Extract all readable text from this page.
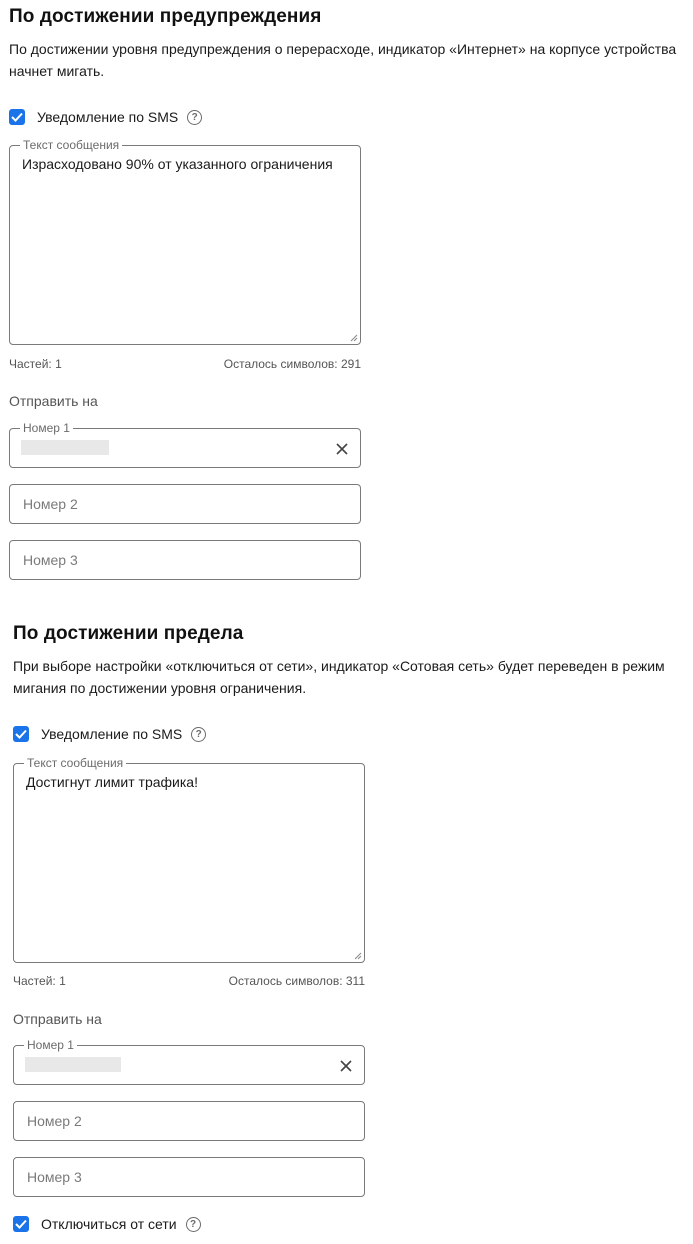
По достижении предупреждения

По достижении уровня предупреждения о перерасходе, индикатор «Интернет» на корпусе устройства начнет мигать.

Уведомление по SMS	?
Текст сообщения
Израсходовано 90% от указанного ограничения
Частей: 1	Осталось символов: 291
Отправить на
Номер 1
Номер 2
Номер 3
По достижении предела

При выборе настройки «отключиться от сети», индикатор «Сотовая сеть» будет переведен в режим мигания по достижении уровня ограничения.

Уведомление по SMS	?
Текст сообщения
Достигнут лимит трафика!
Частей: 1	Осталось символов: 311
Отправить на
Номер 1
Номер 2
Номер 3
Отключиться от сети	?
